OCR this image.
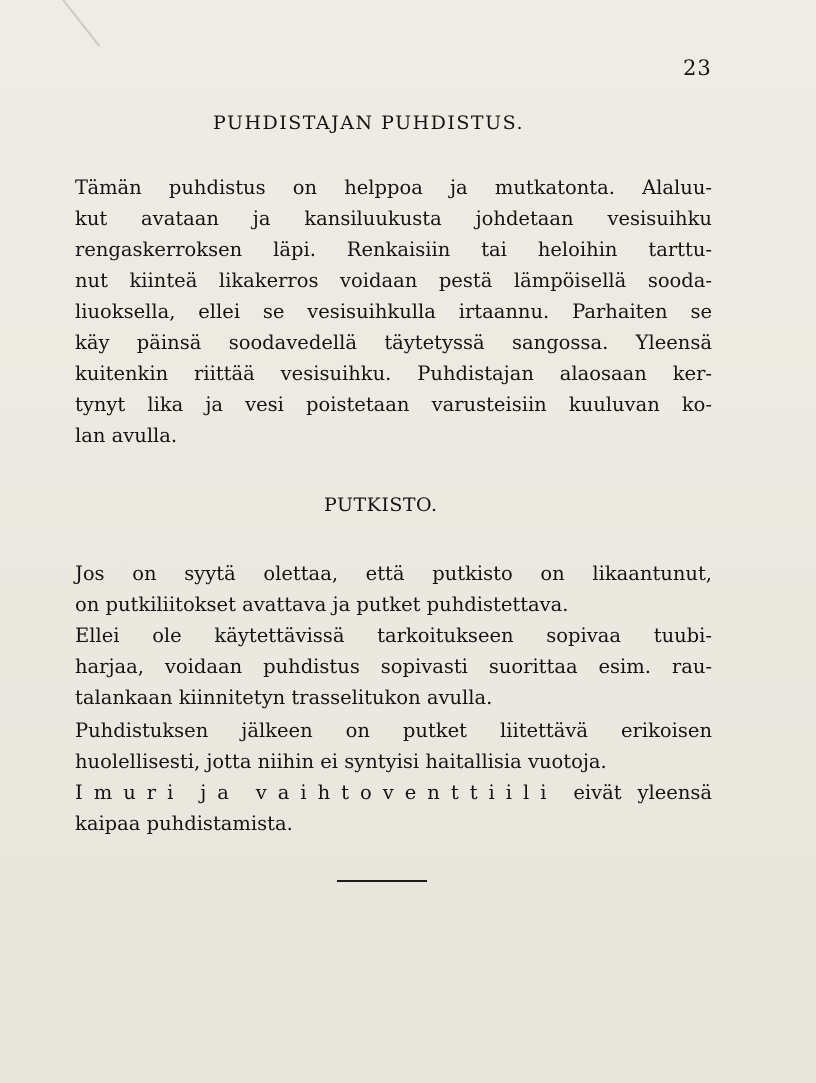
23
PUHDISTAJAN PUHDISTUS.
Tämän puhdistus on helppoa ja mutkatonta. Alaluu-
kut avataan ja kansiluukusta johdetaan vesisuihku
rengaskerroksen läpi. Renkaisiin tai heloihin tarttu-
nut kiinteä likakerros voidaan pestä lämpöisellä sooda-
liuoksella, ellei se vesisuihkulla irtaannu. Parhaiten se
käy päinsä soodavedellä täytetyssä sangossa. Yleensä
kuitenkin riittää vesisuihku. Puhdistajan alaosaan ker-
tynyt lika ja vesi poistetaan varusteisiin kuuluvan ko-
lan avulla.
PUTKISTO.
Jos on syytä olettaa, että putkisto on likaantunut,
on putkiliitokset avattava ja putket puhdistettava.
Ellei ole käytettävissä tarkoitukseen sopivaa tuubi-
harjaa, voidaan puhdistus sopivasti suorittaa esim. rau-
talankaan kiinnitetyn trasselitukon avulla.
Puhdistuksen jälkeen on putket liitettävä erikoisen
huolellisesti, jotta niihin ei syntyisi haitallisia vuotoja.
Imuri ja vaihtoventtiili eivät yleensä
kaipaa puhdistamista.
